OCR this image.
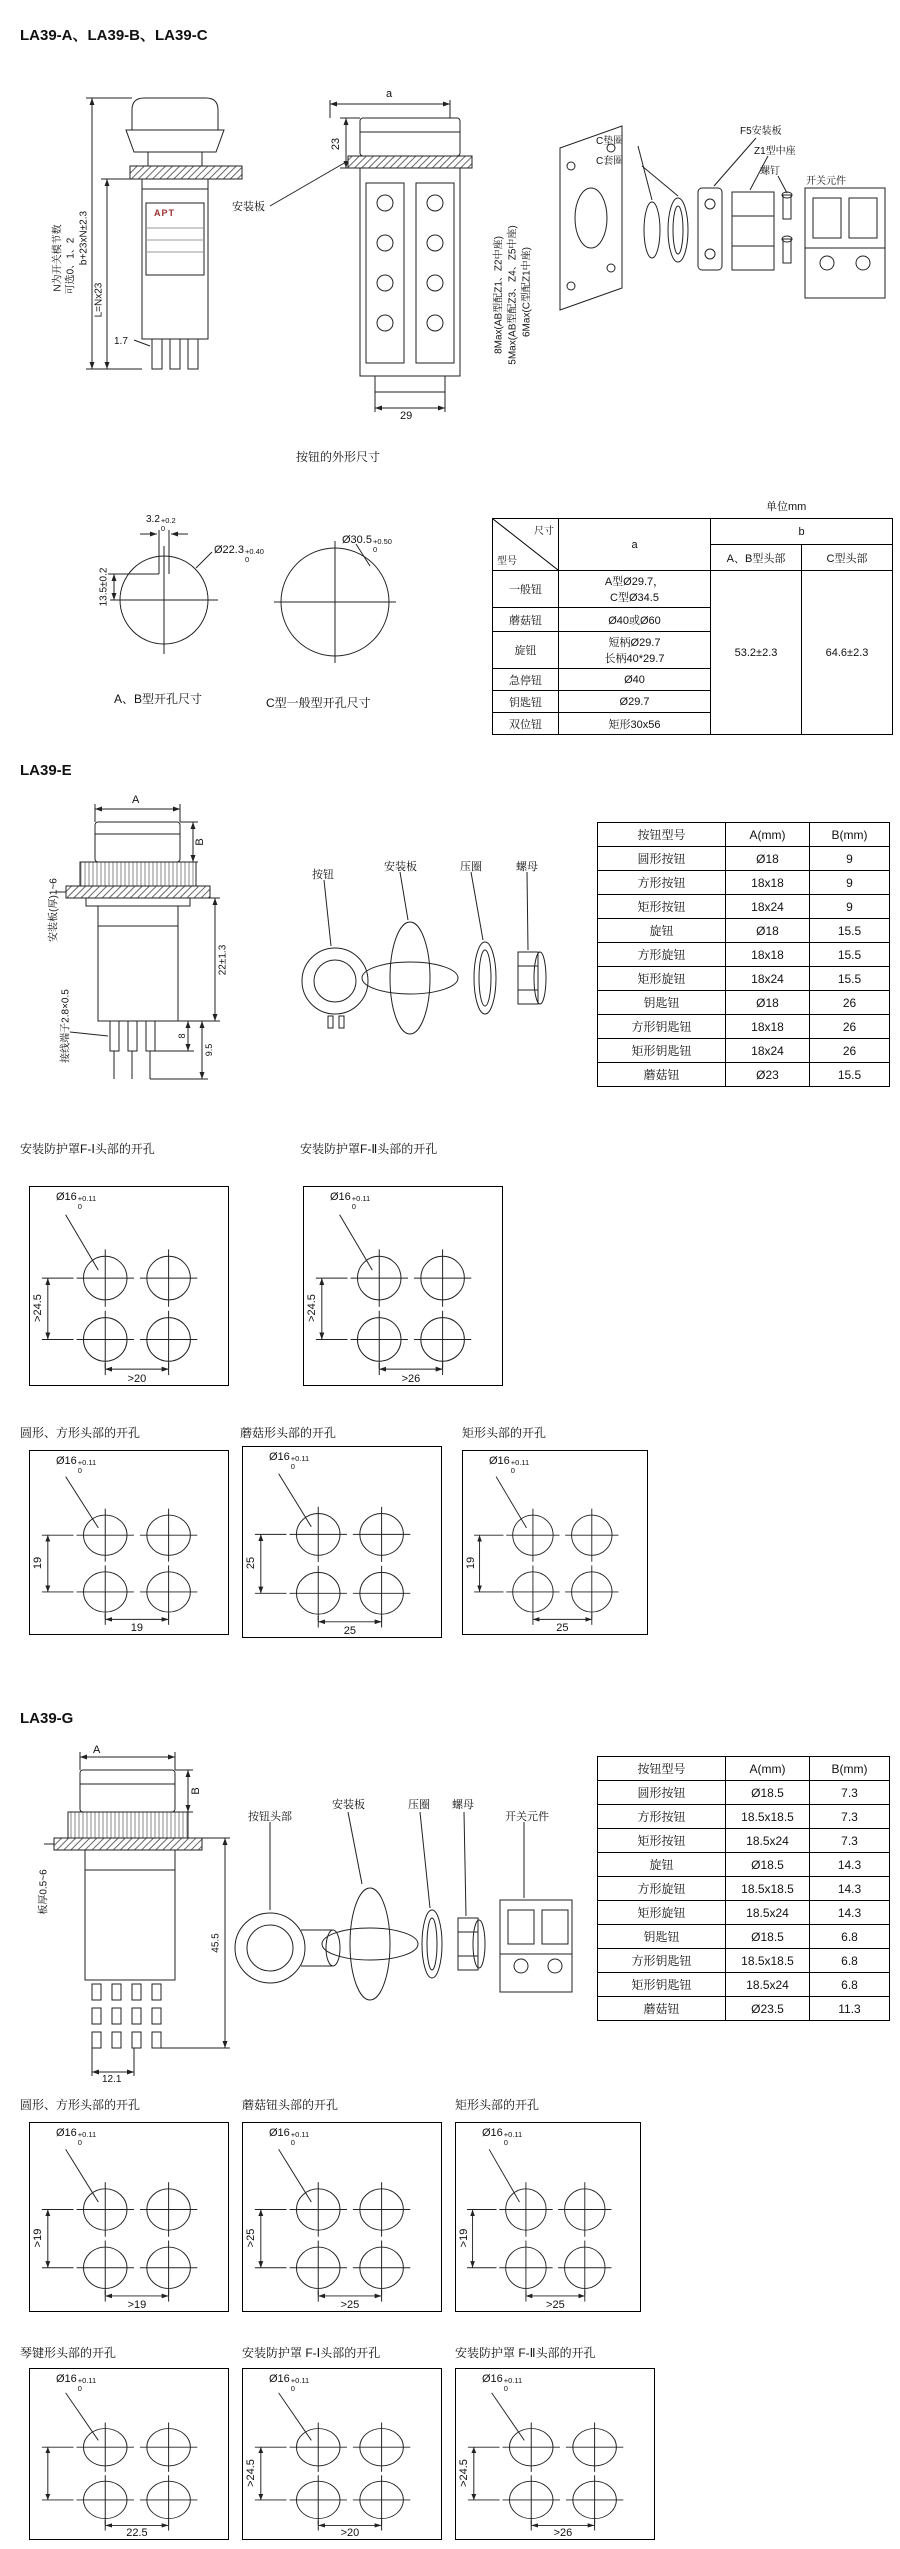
LA39-A、LA39-B、LA39-C
a
23
N为开关模节数 可选0、1、2 b+23xN±2.3
L=Nx23
1.7	8Max(AB型配Z1、Z2中座) 5Max(AB型配Z3、Z4、Z5中座) 6Max(C型配Z1中座)
29
按钮的外形尺寸
安装板
C垫圈
C套圈
F5安装板
Z1型中座
螺钉
开关元件
APT
3.2 +0.2
0
Ø22.3 +0.40
0
13.5±0.2
A、B型开孔尺寸
Ø30.5 +0.50
0
C型一般型开孔尺寸
单位mm
尺寸
型号	a	b	
		A、B型头部	C型头部
一般钮	A型Ø29.7，
C型Ø34.5	53.2±2.3	64.6±2.3
蘑菇钮	Ø40或Ø60		

旋钮	短柄Ø29.7
长柄40*29.7		

急停钮	Ø40		

钥匙钮	Ø29.7		

双位钮	矩形30x56		
LA39-E
A
B
安装板(厚)1~6
22±1.3
8
9.5
接线端子2.8×0.5
按钮
安装板	压圈	螺母
按钮型号	A(mm)	B(mm)
圆形按钮	Ø18	9
方形按钮	18x18	9
矩形按钮	18x24	9
旋钮	Ø18	15.5
方形旋钮	18x18	15.5
矩形旋钮	18x24	15.5
钥匙钮	Ø18	26
方形钥匙钮	18x18	26
矩形钥匙钮	18x24	26
蘑菇钮	Ø23	15.5
安装防护罩F-Ⅰ头部的开孔	安装防护罩F-Ⅱ头部的开孔
Ø16 +0.11
0
>24.5
>20
Ø16 +0.11
0
>24.5
>26
圆形、方形头部的开孔	蘑菇形头部的开孔	矩形头部的开孔
Ø16 +0.11
0
19
19
Ø16 +0.11
0
25
25
Ø16 +0.11
0
19
25
LA39-G
A
B
板厚0.5~6
45.5
12.1
按钮头部
安装板	压圈 螺母
开关元件
按钮型号	A(mm)	B(mm)
圆形按钮	Ø18.5	7.3
方形按钮	18.5x18.5	7.3
矩形按钮	18.5x24	7.3
旋钮	Ø18.5	14.3
方形旋钮	18.5x18.5	14.3
矩形旋钮	18.5x24	14.3
钥匙钮	Ø18.5	6.8
方形钥匙钮	18.5x18.5	6.8
矩形钥匙钮	18.5x24	6.8
蘑菇钮	Ø23.5	11.3
圆形、方形头部的开孔	蘑菇钮头部的开孔	矩形头部的开孔
Ø16 +0.11
0
>19
>19
Ø16 +0.11
0
>25
>25
Ø16 +0.11
0
>19
>25
琴键形头部的开孔	安装防护罩 F-Ⅰ头部的开孔	安装防护罩 F-Ⅱ头部的开孔
Ø16 +0.11
0
22.5
Ø16 +0.11
0
>24.5
>20
Ø16 +0.11
0
>24.5
>26
